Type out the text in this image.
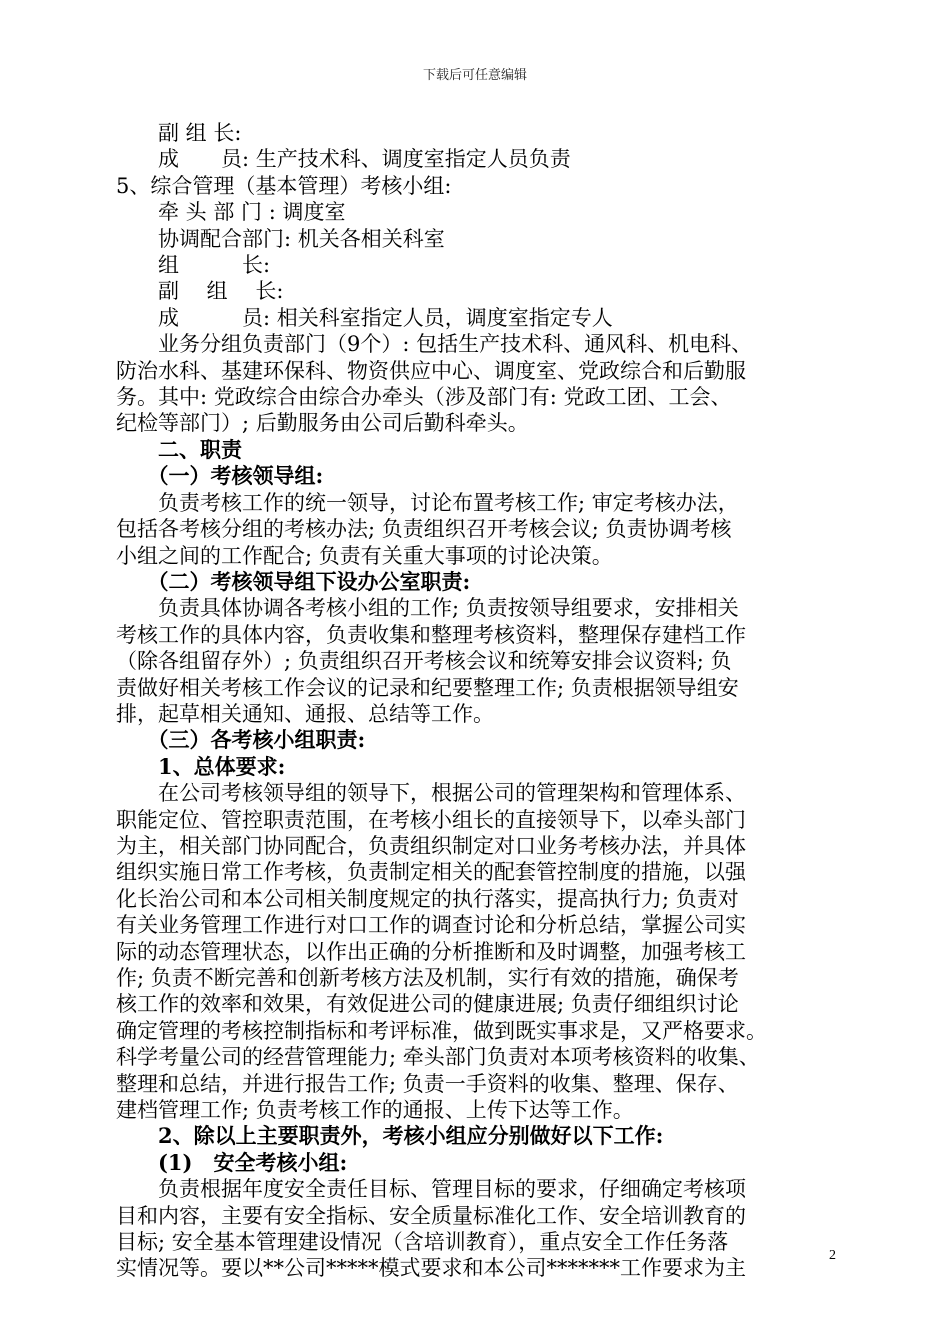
下载后可任意编辑
　　副 组 长:
　　成　　员: 生产技术科、调度室指定人员负责
5、综合管理（基本管理）考核小组:
　　牵 头 部 门 : 调度室
　　协调配合部门: 机关各相关科室
　　组　　　长:
　　副　 组　 长:
　　成　　　员: 相关科室指定人员，调度室指定专人
　　业务分组负责部门（9个）: 包括生产技术科、通风科、机电科、
防治水科、基建环保科、物资供应中心、调度室、党政综合和后勤服
务。其中: 党政综合由综合办牵头（涉及部门有: 党政工团、工会、
纪检等部门）; 后勤服务由公司后勤科牵头。
　　二、职责
　　（一）考核领导组:
　　负责考核工作的统一领导，讨论布置考核工作; 审定考核办法，
包括各考核分组的考核办法; 负责组织召开考核会议; 负责协调考核
小组之间的工作配合; 负责有关重大事项的讨论决策。
　　（二）考核领导组下设办公室职责:
　　负责具体协调各考核小组的工作; 负责按领导组要求，安排相关
考核工作的具体内容，负责收集和整理考核资料，整理保存建档工作
（除各组留存外）; 负责组织召开考核会议和统筹安排会议资料; 负
责做好相关考核工作会议的记录和纪要整理工作; 负责根据领导组安
排，起草相关通知、通报、总结等工作。
　　（三）各考核小组职责:
　　1、总体要求:
　　在公司考核领导组的领导下，根据公司的管理架构和管理体系、
职能定位、管控职责范围，在考核小组长的直接领导下，以牵头部门
为主，相关部门协同配合，负责组织制定对口业务考核办法，并具体
组织实施日常工作考核，负责制定相关的配套管控制度的措施，以强
化长治公司和本公司相关制度规定的执行落实，提高执行力; 负责对
有关业务管理工作进行对口工作的调查讨论和分析总结，掌握公司实
际的动态管理状态，以作出正确的分析推断和及时调整，加强考核工
作; 负责不断完善和创新考核方法及机制，实行有效的措施，确保考
核工作的效率和效果，有效促进公司的健康进展; 负责仔细组织讨论
确定管理的考核控制指标和考评标准，做到既实事求是，又严格要求。
科学考量公司的经营管理能力; 牵头部门负责对本项考核资料的收集、
整理和总结，并进行报告工作; 负责一手资料的收集、整理、保存、
建档管理工作; 负责考核工作的通报、上传下达等工作。
　　2、除以上主要职责外，考核小组应分别做好以下工作:
　　(1)　安全考核小组:
　　负责根据年度安全责任目标、管理目标的要求，仔细确定考核项
目和内容，主要有安全指标、安全质量标准化工作、安全培训教育的
目标; 安全基本管理建设情况（含培训教育），重点安全工作任务落
实情况等。要以**公司*****模式要求和本公司*******工作要求为主
2
